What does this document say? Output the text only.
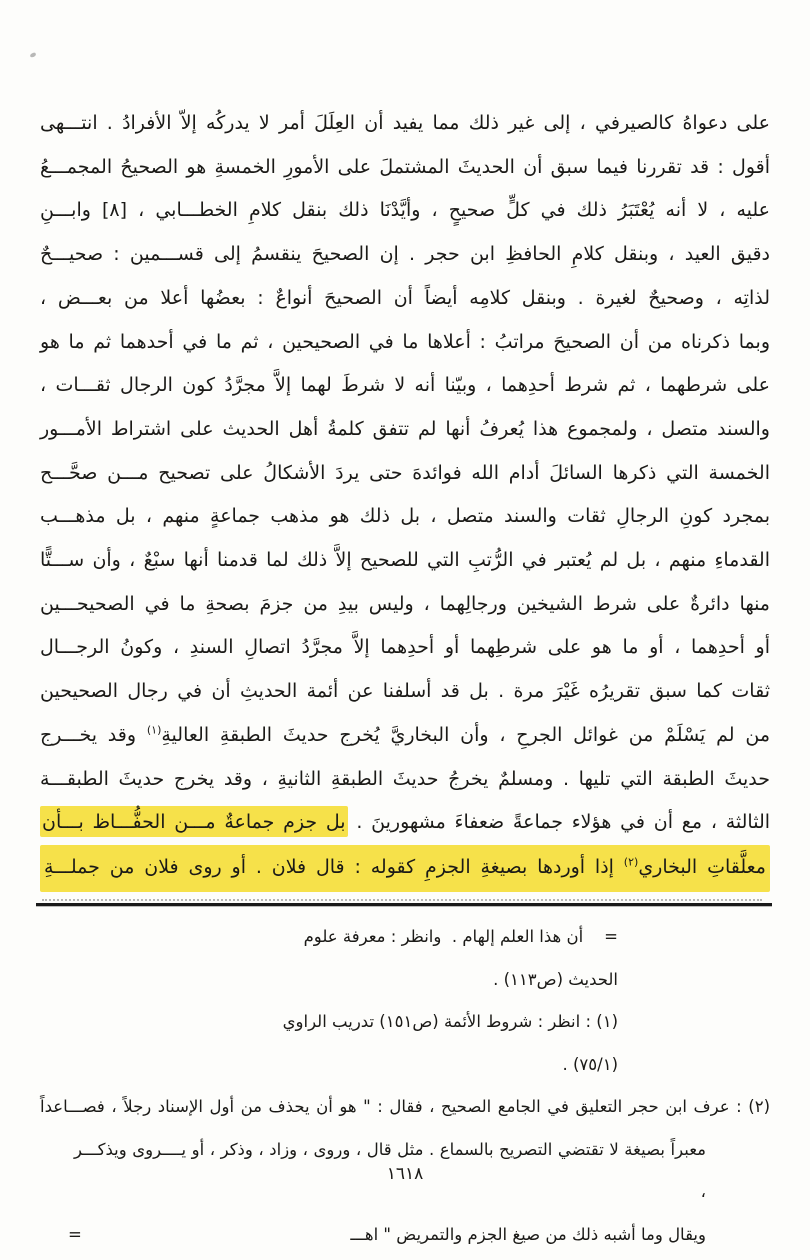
على دعواهُ كالصيرفي ، إلى غير ذلك مما يفيد أن العِلَلَ أمر لا يدركُه إلاّ الأفرادُ . انتـــهى
أقول : قد تقررنا فيما سبق أن الحديثَ المشتملَ على الأمورِ الخمسةِ هو الصحيحُ المجمـــعُ
عليه ، لا أنه يُعْتَبَرُ ذلك في كلٍّ صحيحٍ ، وأيَّدْنَا ذلك بنقل كلامِ الخطـــابي ، [٨] وابـــنِ
دقيق العيد ، وبنقل كلامِ الحافظِ ابن حجر . إن الصحيحَ ينقسمُ إلى قســـمين : صحيـــحٌ
لذاتِه ، وصحيحٌ لغيرة . وبنقل كلامِه أيضاً أن الصحيحَ أنواعٌ : بعضُها أعلا من بعـــض ،
وبما ذكرناه من أن الصحيحَ مراتبُ : أعلاها ما في الصحيحين ، ثم ما في أحدهما ثم ما هو
على شرطهما ، ثم شرط أحدِهما ، وبيّنا أنه لا شرطَ لهما إلاَّ مجرَّدُ كون الرجال ثقـــات ،
والسند متصل ، ولمجموع هذا يُعرفُ أنها لم تتفق كلمةُ أهل الحديث على اشتراط الأمـــور
الخمسة التي ذكرها السائلَ أدام الله فوائدهَ حتى يردَ الأشكالُ على تصحيح مـــن صحَّـــح
بمجرد كونِ الرجالِ ثقات والسند متصل ، بل ذلك هو مذهب جماعةٍ منهم ، بل مذهـــب
القدماءِ منهم ، بل لم يُعتبر في الرُّتبِ التي للصحيح إلاَّ ذلك لما قدمنا أنها سبْعٌ ، وأن ســـتًّا
منها دائرةٌ على شرط الشيخين ورجالِهما ، وليس بيدِ من جزمَ بصحةِ ما في الصحيحـــين
أو أحدِهما ، أو ما هو على شرطِهما أو أحدِهما إلاَّ مجرَّدُ اتصالِ السندِ ، وكونُ الرجـــال
ثقات كما سبق تقريرُه غَيْرَ مرة . بل قد أسلفنا عن أئمة الحديثِ أن في رجال الصحيحين
من لم يَسْلَمْ من غوائل الجرحِ ، وأن البخاريَّ يُخرج حديثَ الطبقةِ العاليةِ$^{(١)}$ وقد يخـــرج
حديثَ الطبقة التي تليها . ومسلمٌ يخرجُ حديثَ الطبقةِ الثانيةِ ، وقد يخرج حديثَ الطبقـــة
الثالثة ، مع أن في هؤلاء جماعةً ضعفاءَ مشهورينَ . بل جزم جماعةٌ مـــن الحفُّـــاظ بـــأن
معلَّقاتِ البخاري$^{(٢)}$ إذا أوردها بصيغةِ الجزمِ كقوله : قال فلان . أو روى فلان من جملـــةِ
=    أن هذا العلم إلهام .  وانظر : معرفة علوم الحديث (ص١١٣) .
(١) : انظر : شروط الأئمة (ص١٥١) تدريب الراوي (٧٥/١) .
(٢) : عرف ابن حجر التعليق في الجامع الصحيح ، فقال : " هو أن يحذف من أول الإسناد رجلاً ، فصـــاعداً
معبراً بصيغة لا تقتضي التصريح بالسماع . مثل قال ، وروى ، وزاد ، وذكر ، أو يــــروى ويذكـــر ،
ويقال وما أشبه ذلك من صيغ الجزم والتمريض " اهـــ
=
١٦١٨
